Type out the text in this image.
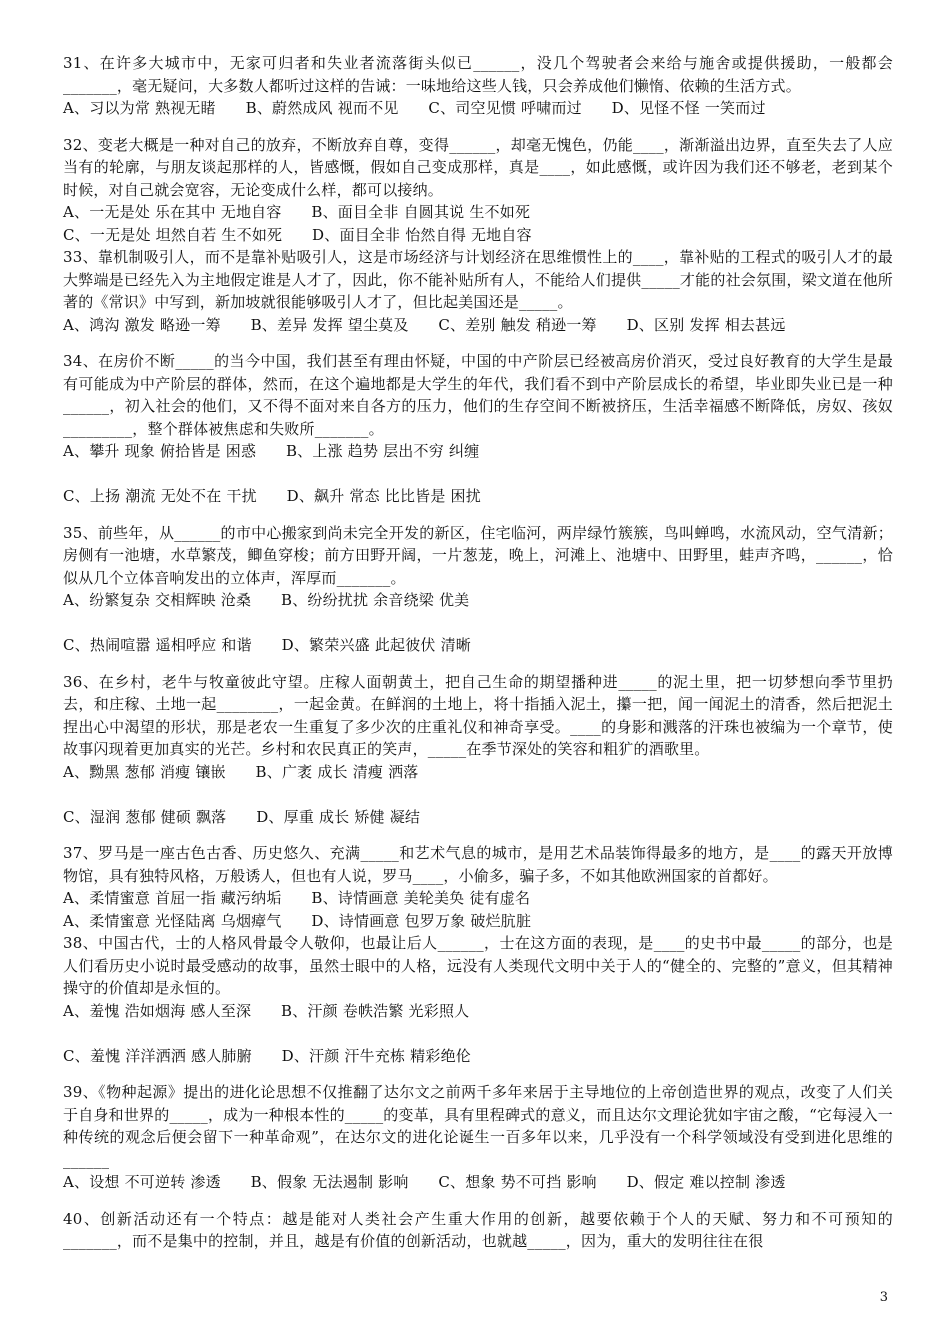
31、在许多大城市中，无家可归者和失业者流落街头似已______，没几个驾驶者会来给与施舍或提供援助，一般都会_______，毫无疑问，大多数人都听过这样的告诫：一味地给这些人钱，只会养成他们懒惰、依赖的生活方式。

A、习以为常 熟视无睹      B、蔚然成风 视而不见      C、司空见惯 呼啸而过      D、见怪不怪 一笑而过

32、变老大概是一种对自己的放弃，不断放弃自尊，变得______，却毫无愧色，仍能____，渐渐溢出边界，直至失去了人应当有的轮廓，与朋友谈起那样的人，皆感慨，假如自己变成那样，真是____，如此感慨，或许因为我们还不够老，老到某个时候，对自己就会宽容，无论变成什么样，都可以接纳。

A、一无是处 乐在其中 无地自容      B、面目全非 自圆其说 生不如死

C、一无是处 坦然自若 生不如死      D、面目全非 怡然自得 无地自容

33、靠机制吸引人，而不是靠补贴吸引人，这是市场经济与计划经济在思维惯性上的____，靠补贴的工程式的吸引人才的最大弊端是已经先入为主地假定谁是人才了，因此，你不能补贴所有人，不能给人们提供_____才能的社会氛围，梁文道在他所著的《常识》中写到，新加坡就很能够吸引人才了，但比起美国还是_____。

A、鸿沟 激发 略逊一筹      B、差异 发挥 望尘莫及      C、差别 触发 稍逊一筹      D、区别 发挥 相去甚远

34、在房价不断_____的当今中国，我们甚至有理由怀疑，中国的中产阶层已经被高房价消灭，受过良好教育的大学生是最有可能成为中产阶层的群体，然而，在这个遍地都是大学生的年代，我们看不到中产阶层成长的希望，毕业即失业已是一种______，初入社会的他们，又不得不面对来自各方的压力，他们的生存空间不断被挤压，生活幸福感不断降低，房奴、孩奴_________，整个群体被焦虑和失败所_______。

A、攀升 现象 俯拾皆是 困惑      B、上涨 趋势 层出不穷 纠缠

C、上扬 潮流 无处不在 干扰      D、飙升 常态 比比皆是 困扰

35、前些年，从______的市中心搬家到尚未完全开发的新区，住宅临河，两岸绿竹簇簇，鸟叫蝉鸣，水流风动，空气清新；房侧有一池塘，水草繁茂，鲫鱼穿梭；前方田野开阔，一片葱茏，晚上，河滩上、池塘中、田野里，蛙声齐鸣，______，恰似从几个立体音响发出的立体声，浑厚而_______。

A、纷繁复杂 交相辉映 沧桑      B、纷纷扰扰 余音绕梁 优美

C、热闹喧嚣 遥相呼应 和谐      D、繁荣兴盛 此起彼伏 清晰

36、在乡村，老牛与牧童彼此守望。庄稼人面朝黄土，把自己生命的期望播种进_____的泥土里，把一切梦想向季节里扔去，和庄稼、土地一起________，一起金黄。在鲜润的土地上，将十指插入泥土，攥一把，闻一闻泥土的清香，然后把泥土捏出心中渴望的形状，那是老农一生重复了多少次的庄重礼仪和神奇享受。____的身影和溅落的汗珠也被编为一个章节，使故事闪现着更加真实的光芒。乡村和农民真正的笑声，_____在季节深处的笑容和粗犷的酒歌里。

A、黝黑 葱郁 消瘦 镶嵌      B、广袤 成长 清瘦 洒落

C、湿润 葱郁 健硕 飘落      D、厚重 成长 矫健 凝结

37、罗马是一座古色古香、历史悠久、充满_____和艺术气息的城市，是用艺术品装饰得最多的地方，是____的露天开放博物馆，具有独特风格，万般诱人，但也有人说，罗马____，小偷多，骗子多，不如其他欧洲国家的首都好。

A、柔情蜜意 首屈一指 藏污纳垢      B、诗情画意 美轮美奂 徒有虚名

A、柔情蜜意 光怪陆离 乌烟瘴气      D、诗情画意 包罗万象 破烂肮脏

38、中国古代，士的人格风骨最令人敬仰，也最让后人______，士在这方面的表现，是____的史书中最_____的部分，也是人们看历史小说时最受感动的故事，虽然士眼中的人格，远没有人类现代文明中关于人的“健全的、完整的”意义，但其精神操守的价值却是永恒的。

A、羞愧 浩如烟海 感人至深      B、汗颜 卷帙浩繁 光彩照人

C、羞愧 洋洋洒洒 感人肺腑      D、汗颜 汗牛充栋 精彩绝伦

39、《物种起源》提出的进化论思想不仅推翻了达尔文之前两千多年来居于主导地位的上帝创造世界的观点，改变了人们关于自身和世界的_____，成为一种根本性的_____的变革，具有里程碑式的意义，而且达尔文理论犹如宇宙之酸，“它每浸入一种传统的观念后便会留下一种革命观”，在达尔文的进化论诞生一百多年以来，几乎没有一个科学领域没有受到进化思维的______

A、设想 不可逆转 渗透      B、假象 无法遏制 影响      C、想象 势不可挡 影响      D、假定 难以控制 渗透

40、创新活动还有一个特点：越是能对人类社会产生重大作用的创新，越要依赖于个人的天赋、努力和不可预知的_______，而不是集中的控制，并且，越是有价值的创新活动，也就越_____，因为，重大的发明往往在很

3
